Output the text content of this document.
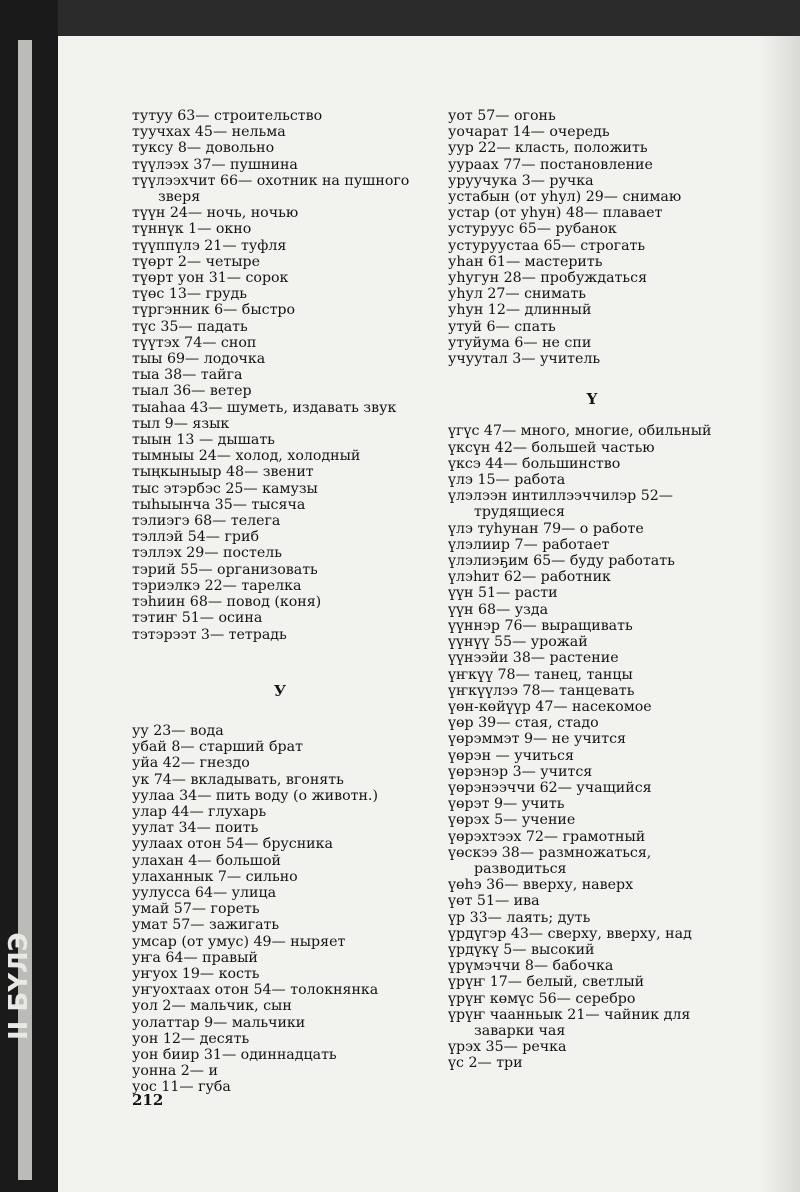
II БҮЛЭ

тутуу 63— строительство

туучхах 45— нельма

туксу 8— довольно

түүлээх 37— пушнина

түүлээхчит 66— охотник на пушного зверя

түүн 24— ночь, ночью

түннүк 1— окно

түүппүлэ 21— туфля

түөрт 2— четыре

түөрт уон 31— сорок

түөс 13— грудь

түргэнник 6— быстро

түс 35— падать

түүтэх 74— сноп

тыы 69— лодочка

тыа 38— тайга

тыал 36— ветер

тыаһаа 43— шуметь, издавать звук

тыл 9— язык

тыын 13 — дышать

тымныы 24— холод, холодный

тыңкыныыр 48— звенит

тыс этэрбэс 25— камузы

тыһыынча 35— тысяча

тэлиэгэ 68— телега

тэллэй 54— гриб

тэллэх 29— постель

тэрий 55— организовать

тэриэлкэ 22— тарелка

тэһиин 68— повод (коня)

тэтиҥ 51— осина

тэтэрээт 3— тетрадь

У

уу 23— вода

убай 8— старший брат

уйа 42— гнездо

ук 74— вкладывать, вгонять

уулаа 34— пить воду (о животн.)

улар 44— глухарь

уулат 34— поить

уулаах отон 54— брусника

улахан 4— большой

улаханнык 7— сильно

уулусса 64— улица

умай 57— гореть

умат 57— зажигать

умсар (от умус) 49— ныряет

уҥа 64— правый

уҥуох 19— кость

уҥуохтаах отон 54— толокнянка

уол 2— мальчик, сын

уолаттар 9— мальчики

уон 12— десять

уон биир 31— одиннадцать

уонна 2— и

уос 11— губа

уот 57— огонь

уочарат 14— очередь

уур 22— класть, положить

уураах 77— постановление

уруучука 3— ручка

устабын (от уһул) 29— снимаю

устар (от уһун) 48— плавает

устуруус 65— рубанок

устуруустаа 65— строгать

уһан 61— мастерить

уһугун 28— пробуждаться

уһул 27— снимать

уһун 12— длинный

утуй 6— спать

утуйума 6— не спи

учуутал 3— учитель

Ү

үгүс 47— много, многие, обильный

үксүн 42— большей частью

үксэ 44— большинство

үлэ 15— работа

үлэлээн интиллээччилэр 52— трудящиеся

үлэ туһунан 79— о работе

үлэлиир 7— работает

үлэлиэҕим 65— буду работать

үлэһит 62— работник

үүн 51— расти

үүн 68— узда

үүннэр 76— выращивать

үүнүү 55— урожай

үүнээйи 38— растение

үҥкүү 78— танец, танцы

үҥкүүлээ 78— танцевать

үөн-көйүүр 47— насекомое

үөр 39— стая, стадо

үөрэммэт 9— не учится

үөрэн — учиться

үөрэнэр 3— учится

үөрэнээччи 62— учащийся

үөрэт 9— учить

үөрэх 5— учение

үөрэхтээх 72— грамотный

үөскээ 38— размножаться, разводиться

үөһэ 36— вверху, наверх

үөт 51— ива

үр 33— лаять; дуть

үрдүгэр 43— сверху, вверху, над

үрдүкү 5— высокий

үрүмэччи 8— бабочка

үрүҥ 17— белый, светлый

үрүҥ көмүс 56— серебро

үрүҥ чаанньык 21— чайник для заварки чая

үрэх 35— речка

үс 2— три

212
